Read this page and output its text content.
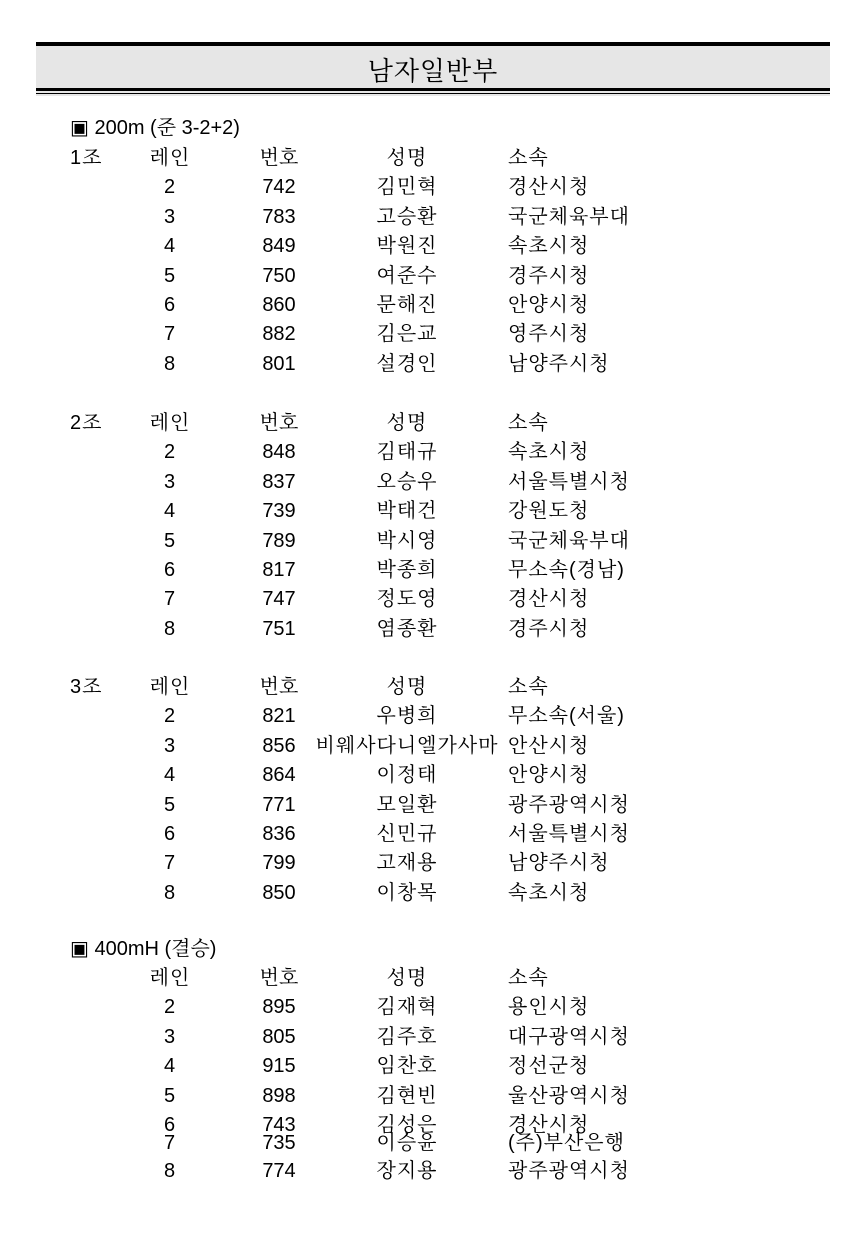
남자일반부
▣ 200m (준 3-2+2)
1조 레인	번호	성명	소속
2	742	김민혁	경산시청
3	783	고승환	국군체육부대
4	849	박원진	속초시청
5	750	여준수	경주시청
6	860	문해진	안양시청
7	882	김은교	영주시청
8	801	설경인	남양주시청
2조 레인	번호	성명	소속
2	848	김태규	속초시청
3	837	오승우	서울특별시청
4	739	박태건	강원도청
5	789	박시영	국군체육부대
6	817	박종희	무소속(경남)
7	747	정도영	경산시청
8	751	염종환	경주시청
3조 레인	번호	성명	소속
2	821	우병희	무소속(서울)
3	856 비웨사다니엘가사마 안산시청
4	864	이정태	안양시청
5	771	모일환	광주광역시청
6	836	신민규	서울특별시청
7	799	고재용	남양주시청
8	850	이창목	속초시청
▣ 400mH (결승)
레인	번호	성명	소속
2	895	김재혁	용인시청
3	805	김주호	대구광역시청
4	915	임찬호	정선군청
5	898	김현빈	울산광역시청
6	743	김성은	경산시청
7	735	이승윤	(주)부산은행
8	774	장지용	광주광역시청
